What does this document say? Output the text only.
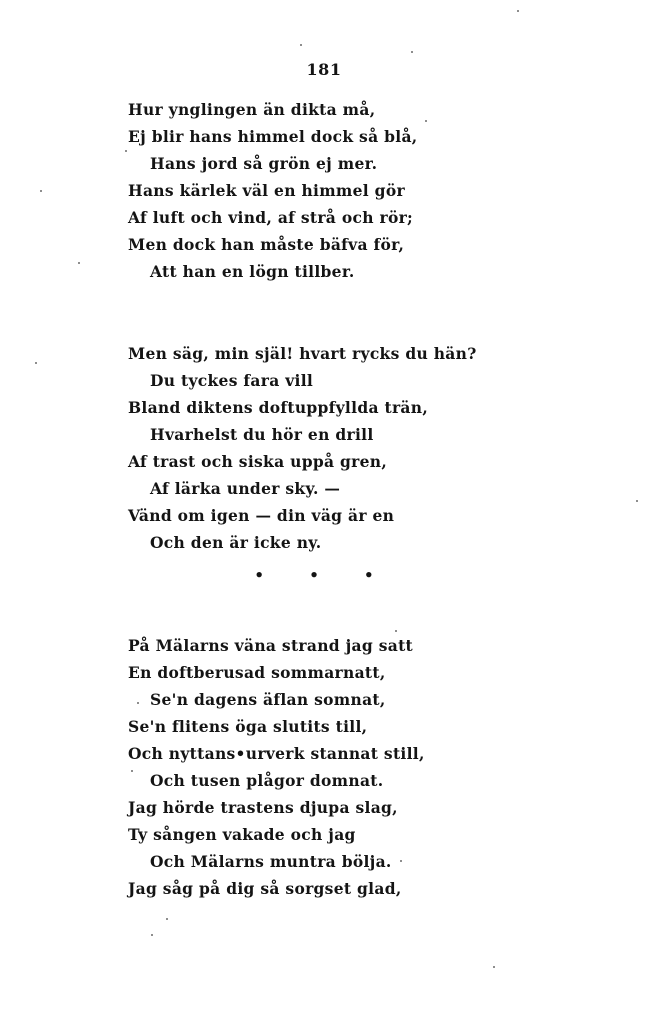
181
Hur ynglingen än dikta må,
Ej blir hans himmel dock så blå,
Hans jord så grön ej mer.
Hans kärlek väl en himmel gör
Af luft och vind, af strå och rör;
Men dock han måste bäfva för,
Att han en lögn tillber.
Men säg, min själ! hvart rycks du hän?
Du tyckes fara vill
Bland diktens doftuppfyllda trän,
Hvarhelst du hör en drill
Af trast och siska uppå gren,
Af lärka under sky. —
Vänd om igen — din väg är en
Och den är icke ny.
• • •
På Mälarns väna strand jag satt
En doftberusad sommarnatt,
Se'n dagens äflan somnat,
Se'n flitens öga slutits till,
Och nyttans•urverk stannat still,
Och tusen plågor domnat.
Jag hörde trastens djupa slag,
Ty sången vakade och jag
Och Mälarns muntra bölja.
Jag såg på dig så sorgset glad,
